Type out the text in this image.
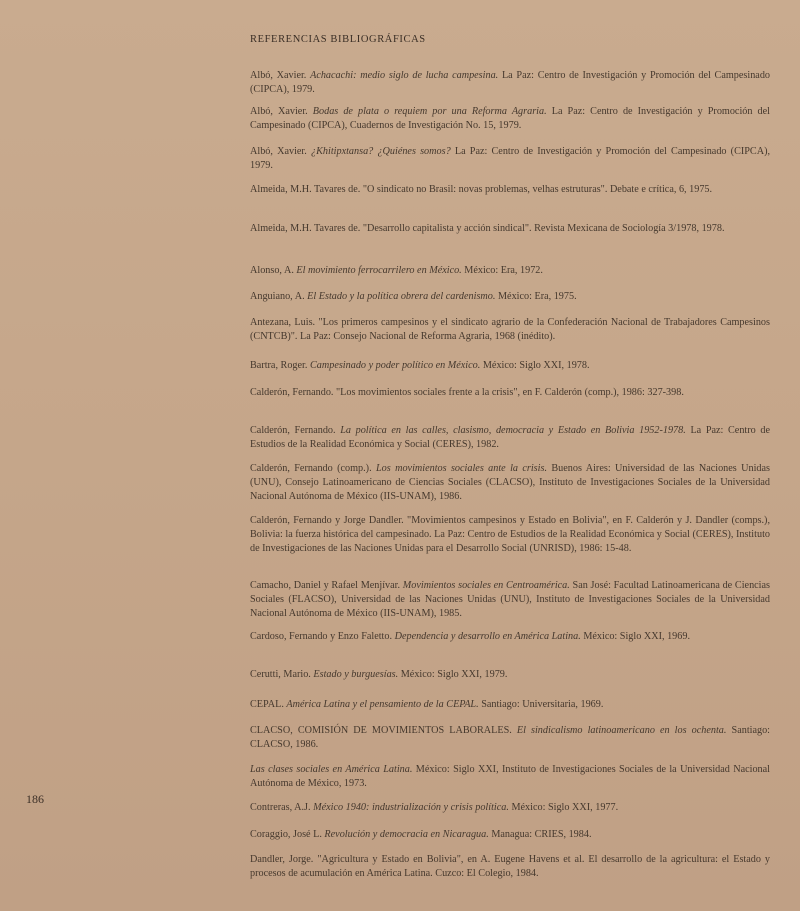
REFERENCIAS BIBLIOGRÁFICAS
Albó, Xavier. Achacachi: medio siglo de lucha campesina. La Paz: Centro de Investigación y Promoción del Campesinado (CIPCA), 1979.
Albó, Xavier. Bodas de plata o requiem por una Reforma Agraria. La Paz: Centro de Investigación y Promoción del Campesinado (CIPCA), Cuadernos de Investigación No. 15, 1979.
Albó, Xavier. ¿Khitipxtansa? ¿Quiénes somos? La Paz: Centro de Investigación y Promoción del Campesinado (CIPCA), 1979.
Almeida, M.H. Tavares de. "O sindicato no Brasil: novas problemas, velhas estruturas". Debate e crítica, 6, 1975.
Almeida, M.H. Tavares de. "Desarrollo capitalista y acción sindical". Revista Mexicana de Sociología 3/1978, 1978.
Alonso, A. El movimiento ferrocarrilero en México. México: Era, 1972.
Anguiano, A. El Estado y la política obrera del cardenismo. México: Era, 1975.
Antezana, Luis. "Los primeros campesinos y el sindicato agrario de la Confederación Nacional de Trabajadores Campesinos (CNTCB)". La Paz: Consejo Nacional de Reforma Agraria, 1968 (inédito).
Bartra, Roger. Campesinado y poder político en México. México: Siglo XXI, 1978.
Calderón, Fernando. "Los movimientos sociales frente a la crisis", en F. Calderón (comp.), 1986: 327-398.
Calderón, Fernando. La política en las calles, clasismo, democracia y Estado en Bolivia 1952-1978. La Paz: Centro de Estudios de la Realidad Económica y Social (CERES), 1982.
Calderón, Fernando (comp.). Los movimientos sociales ante la crisis. Buenos Aires: Universidad de las Naciones Unidas (UNU), Consejo Latinoamericano de Ciencias Sociales (CLACSO), Instituto de Investigaciones Sociales de la Universidad Nacional Autónoma de México (IIS-UNAM), 1986.
Calderón, Fernando y Jorge Dandler. "Movimientos campesinos y Estado en Bolivia", en F. Calderón y J. Dandler (comps.), Bolivia: la fuerza histórica del campesinado. La Paz: Centro de Estudios de la Realidad Económica y Social (CERES), Instituto de Investigaciones de las Naciones Unidas para el Desarrollo Social (UNRISD), 1986: 15-48.
Camacho, Daniel y Rafael Menjívar. Movimientos sociales en Centroamérica. San José: Facultad Latinoamericana de Ciencias Sociales (FLACSO), Universidad de las Naciones Unidas (UNU), Instituto de Investigaciones Sociales de la Universidad Nacional Autónoma de México (IIS-UNAM), 1985.
Cardoso, Fernando y Enzo Faletto. Dependencia y desarrollo en América Latina. México: Siglo XXI, 1969.
Cerutti, Mario. Estado y burguesías. México: Siglo XXI, 1979.
CEPAL. América Latina y el pensamiento de la CEPAL. Santiago: Universitaria, 1969.
CLACSO, COMISIÓN DE MOVIMIENTOS LABORALES. El sindicalismo latinoamericano en los ochenta. Santiago: CLACSO, 1986.
Las clases sociales en América Latina. México: Siglo XXI, Instituto de Investigaciones Sociales de la Universidad Nacional Autónoma de México, 1973.
Contreras, A.J. México 1940: industrialización y crisis política. México: Siglo XXI, 1977.
Coraggio, José L. Revolución y democracia en Nicaragua. Managua: CRIES, 1984.
Dandler, Jorge. "Agricultura y Estado en Bolivia", en A. Eugene Havens et al. El desarrollo de la agricultura: el Estado y procesos de acumulación en América Latina. Cuzco: El Colegio, 1984.
186
